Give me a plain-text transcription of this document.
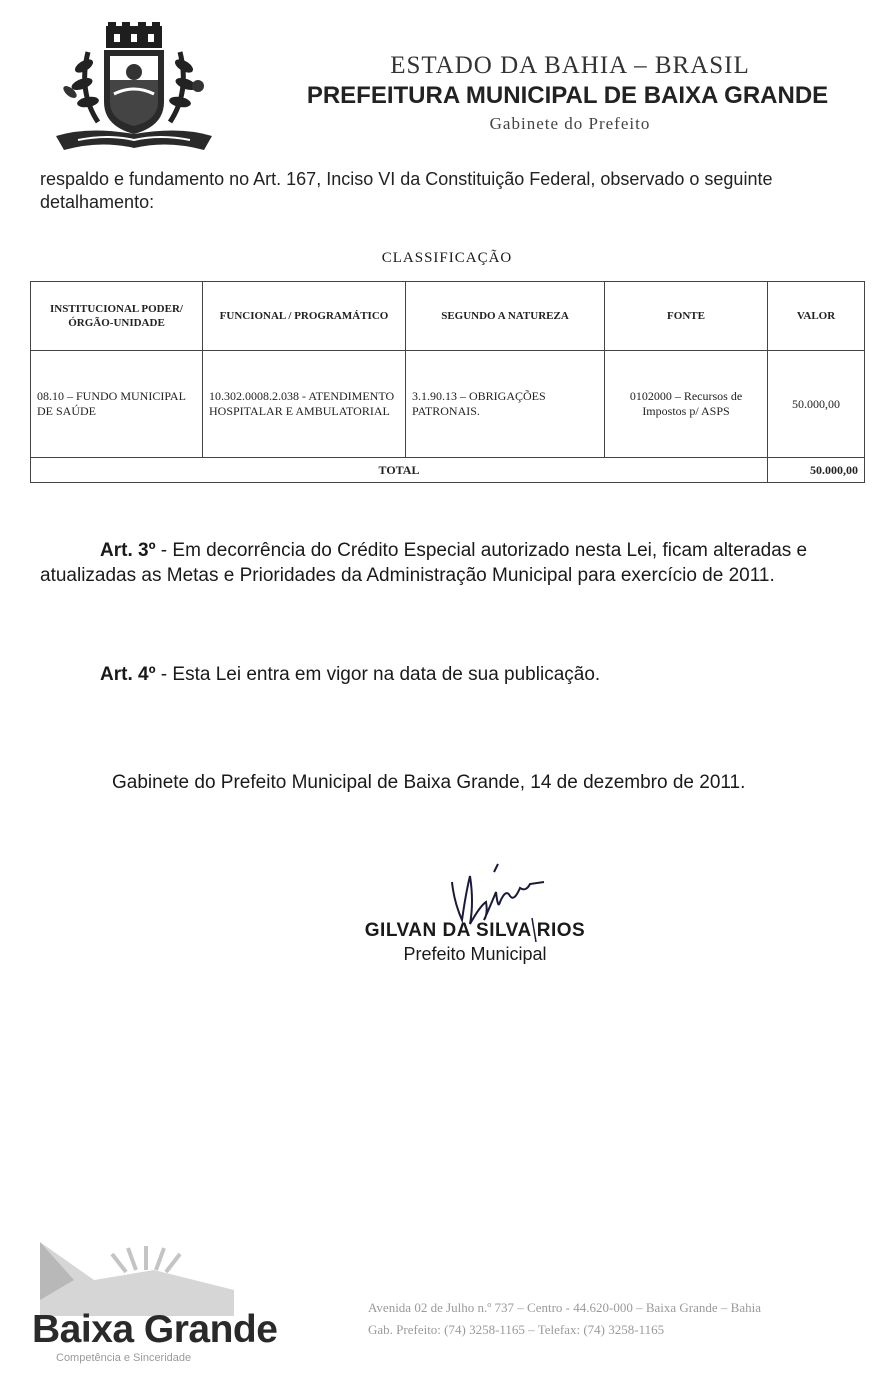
ESTADO DA BAHIA – BRASIL
PREFEITURA MUNICIPAL DE BAIXA GRANDE
Gabinete do Prefeito
respaldo e fundamento no Art. 167, Inciso VI da Constituição Federal, observado o seguinte detalhamento:
CLASSIFICAÇÃO
INSTITUCIONAL PODER/ÓRGÃO-UNIDADE	FUNCIONAL / PROGRAMÁTICO	SEGUNDO A NATUREZA	FONTE	VALOR
08.10 – FUNDO MUNICIPAL DE SAÚDE	10.302.0008.2.038 - ATENDIMENTO HOSPITALAR E AMBULATORIAL	3.1.90.13 – OBRIGAÇÕES PATRONAIS.	0102000 – Recursos de Impostos p/ ASPS	50.000,00
TOTAL				50.000,00
Art. 3º - Em decorrência do Crédito Especial autorizado nesta Lei, ficam alteradas e atualizadas as Metas e Prioridades da Administração Municipal para exercício de 2011.
Art. 4º - Esta Lei entra em vigor na data de sua publicação.
Gabinete do Prefeito Municipal de Baixa Grande, 14 de dezembro de 2011.
GILVAN DA SILVA RIOS
Prefeito Municipal
Baixa Grande
Competência e Sinceridade
Avenida 02 de Julho n.º 737 – Centro - 44.620-000 – Baixa Grande – Bahia
Gab. Prefeito: (74) 3258-1165 – Telefax: (74) 3258-1165
